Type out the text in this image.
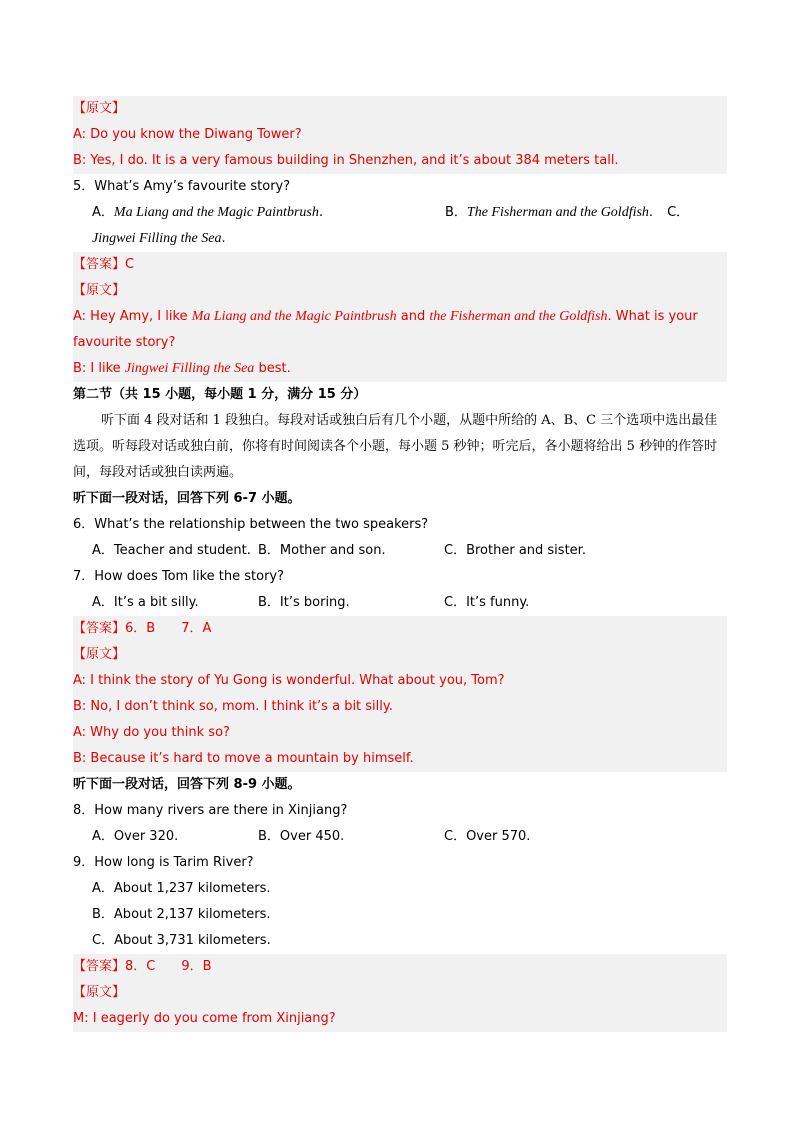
【原文】
A: Do you know the Diwang Tower?
B: Yes, I do. It is a very famous building in Shenzhen, and it’s about 384 meters tall.
5．What’s Amy’s favourite story?
A．Ma Liang and the Magic Paintbrush.	B．The Fisherman and the Goldfish. C．
Jingwei Filling the Sea.
【答案】C
【原文】
A: Hey Amy, I like Ma Liang and the Magic Paintbrush and the Fisherman and the Goldfish. What is your
favourite story?
B: I like Jingwei Filling the Sea best.
第二节（共 15 小题，每小题 1 分，满分 15 分）
听下面 4 段对话和 1 段独白。每段对话或独白后有几个小题，从题中所给的 A、B、C 三个选项中选出最佳选项。听每段对话或独白前，你将有时间阅读各个小题，每小题 5 秒钟；听完后，各小题将给出 5 秒钟的作答时间，每段对话或独白读两遍。
听下面一段对话，回答下列 6-7 小题。
6．What’s the relationship between the two speakers?
A．Teacher and student. B．Mother and son.	C．Brother and sister.
7．How does Tom like the story?
A．It’s a bit silly.	B．It’s boring.	C．It’s funny.
【答案】6．B　　7．A
【原文】
A: I think the story of Yu Gong is wonderful. What about you, Tom?
B: No, I don’t think so, mom. I think it’s a bit silly.
A: Why do you think so?
B: Because it’s hard to move a mountain by himself.
听下面一段对话，回答下列 8-9 小题。
8．How many rivers are there in Xinjiang?
A．Over 320.	B．Over 450.	C．Over 570.
9．How long is Tarim River?
A．About 1,237 kilometers.
B．About 2,137 kilometers.
C．About 3,731 kilometers.
【答案】8．C　　9．B
【原文】
M: I eagerly do you come from Xinjiang?
